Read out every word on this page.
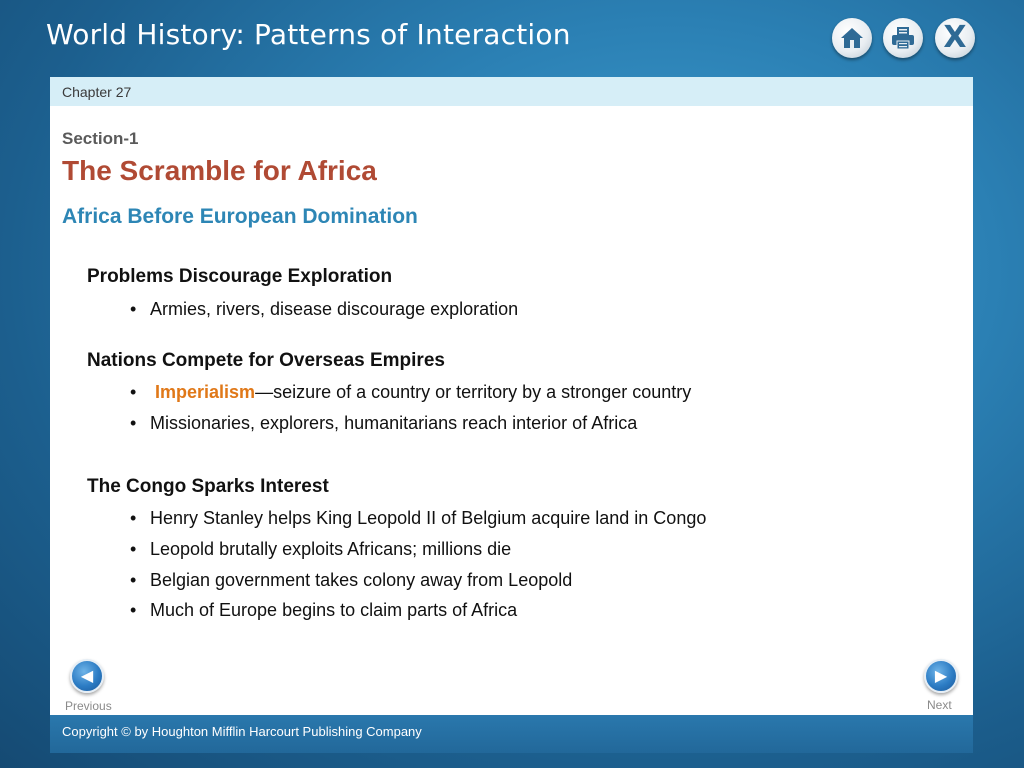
World History: Patterns of Interaction	X
Chapter 27
Section-1
The Scramble for Africa
Africa Before European Domination
Problems Discourage Exploration
• Armies, rivers, disease discourage exploration
Nations Compete for Overseas Empires
• Imperialism—seizure of a country or territory by a stronger country
• Missionaries, explorers, humanitarians reach interior of Africa
The Congo Sparks Interest
• Henry Stanley helps King Leopold II of Belgium acquire land in Congo
• Leopold brutally exploits Africans; millions die
• Belgian government takes colony away from Leopold
• Much of Europe begins to claim parts of Africa
◀
Previous
▶
Next
Copyright © by Houghton Mifflin Harcourt Publishing Company
